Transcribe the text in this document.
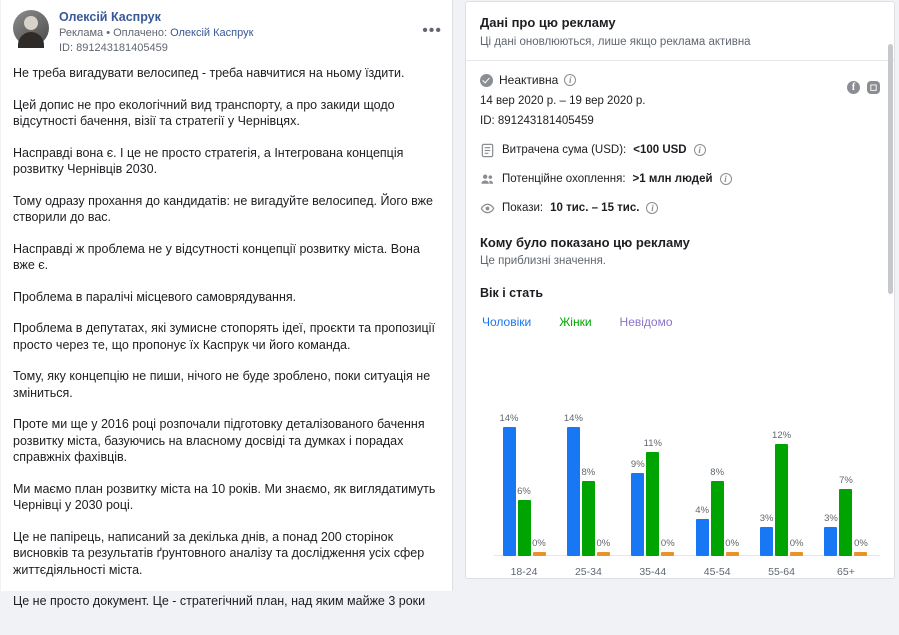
Олексій Каспрук
Реклама • Оплачено: Олексій Каспрук
ID: 891243181405459
•••

Не треба вигадувати велосипед - треба навчитися на ньому їздити.

Цей допис не про екологічний вид транспорту, а про закиди щодо відсутності бачення, візії та стратегії у Чернівцях.

Насправді вона є. І це не просто стратегія, а Інтегрована концепція розвитку Чернівців 2030.

Тому одразу прохання до кандидатів: не вигадуйте велосипед. Його вже створили до вас.

Насправді ж проблема не у відсутності концепції розвитку міста. Вона вже є.

Проблема в паралічі місцевого самоврядування.

Проблема в депутатах, які зумисне стопорять ідеї, проєкти та пропозиції просто через те, що пропонує їх Каспрук чи його команда.

Тому, яку концепцію не пиши, нічого не буде зроблено, поки ситуація не зміниться.

Проте ми ще у 2016 році розпочали підготовку деталізованого бачення розвитку міста, базуючись на власному досвіді та думках і порадах справжніх фахівців.

Ми маємо план розвитку міста на 10 років. Ми знаємо, як виглядатимуть Чернівці у 2030 році.

Це не папірець, написаний за декілька днів, а понад 200 сторінок висновків та результатів ґрунтовного аналізу та дослідження усіх сфер життєдіяльності міста.

Це не просто документ. Це - стратегічний план, над яким майже 3 роки

Дані про цю рекламу
Ці дані оновлюються, лише якщо реклама активна
f	◻
Неактивна	i
14 вер 2020 р. – 19 вер 2020 р.
ID: 891243181405459
Витрачена сума (USD): <100 USD	i
Потенційне охоплення: >1 млн людей	i
Покази: 10 тис. – 15 тис.	i
Кому було показано цю рекламу
Це приблизні значення.
Вік і стать
Чоловіки Жінки Невідомо
14%
6%
0%
14%
8%
0%
9%
11%
0%
4%
8%
0%
3%
12%
0%
3%
7%
0%
18-24	25-34	35-44	45-54	55-64	65+
